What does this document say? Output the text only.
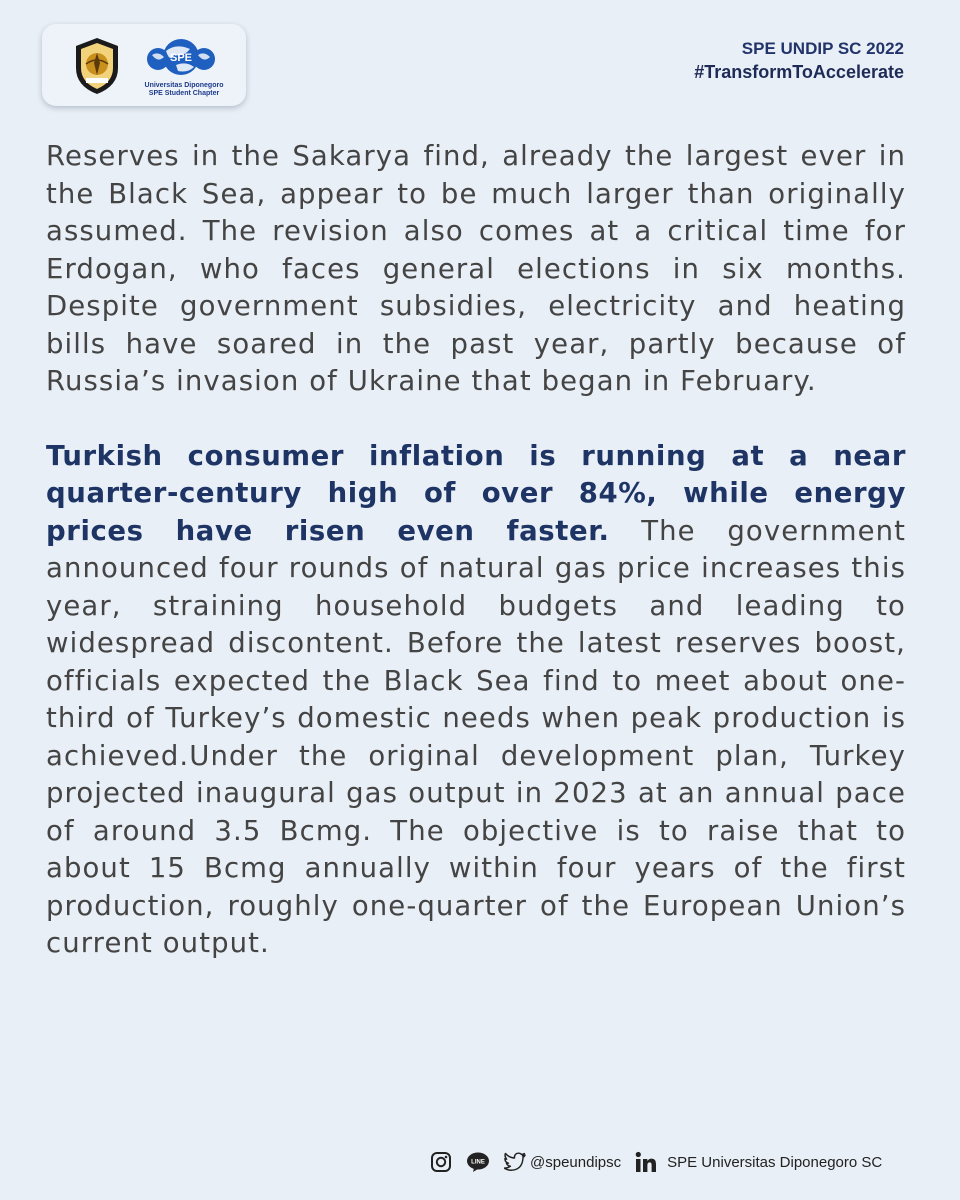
SPE
Universitas Diponegoro
SPE Student Chapter
SPE UNDIP SC 2022
#TransformToAccelerate

Reserves in the Sakarya find, already the largest ever in the Black Sea, appear to be much larger than originally assumed. The revision also comes at a critical time for Erdogan, who faces general elections in six months. Despite government subsidies, electricity and heating bills have soared in the past year, partly because of Russia’s invasion of Ukraine that began in February.

Turkish consumer inflation is running at a near quarter-century high of over 84%, while energy prices have risen even faster. The government announced four rounds of natural gas price increases this year, straining household budgets and leading to widespread discontent. Before the latest reserves boost, officials expected the Black Sea find to meet about one-third of Turkey’s domestic needs when peak production is achieved.Under the original development plan, Turkey projected inaugural gas output in 2023 at an annual pace of around 3.5 Bcmg. The objective is to raise that to about 15 Bcmg annually within four years of the first production, roughly one-quarter of the European Union’s current output.

LINE	@speundipsc	SPE Universitas Diponegoro SC
